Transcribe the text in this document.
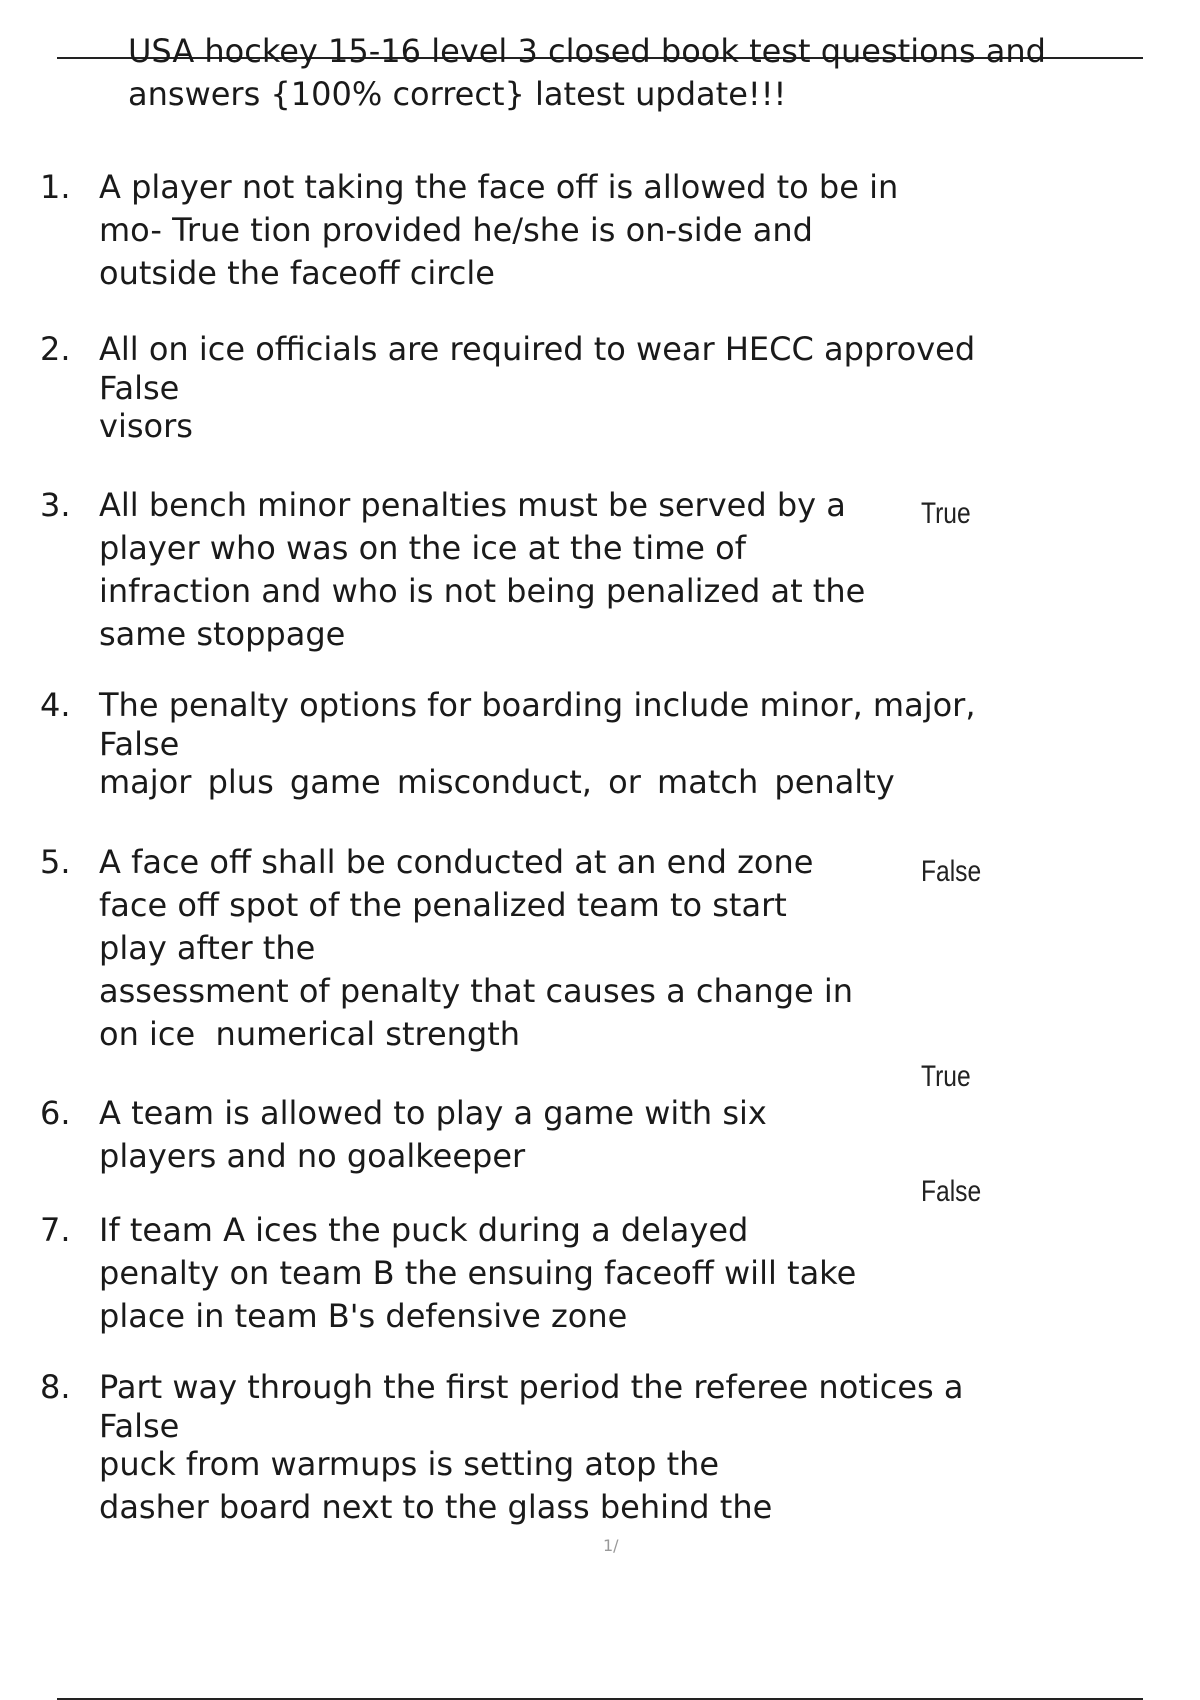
USA hockey 15-16 level 3 closed book test questions and
answers {100% correct} latest update!!!
1. A player not taking the face off is allowed to be in
mo- True tion provided he/she is on-side and
outside the faceoff circle
2. All on ice officials are required to wear HECC approved
False
visors
3. All bench minor penalties must be served by a
player who was on the ice at the time of
infraction and who is not being penalized at the
same stoppage
True
4. The penalty options for boarding include minor, major,
False
major plus game misconduct, or match penalty
5. A face off shall be conducted at an end zone
face off spot of the penalized team to start
play after the
assessment of penalty that causes a change in
on ice  numerical strength
False
True
6. A team is allowed to play a game with six
players and no goalkeeper
False
7. If team A ices the puck during a delayed
penalty on team B the ensuing faceoff will take
place in team B's defensive zone
8. Part way through the first period the referee notices a
False
puck from warmups is setting atop the
dasher board next to the glass behind the
1/
